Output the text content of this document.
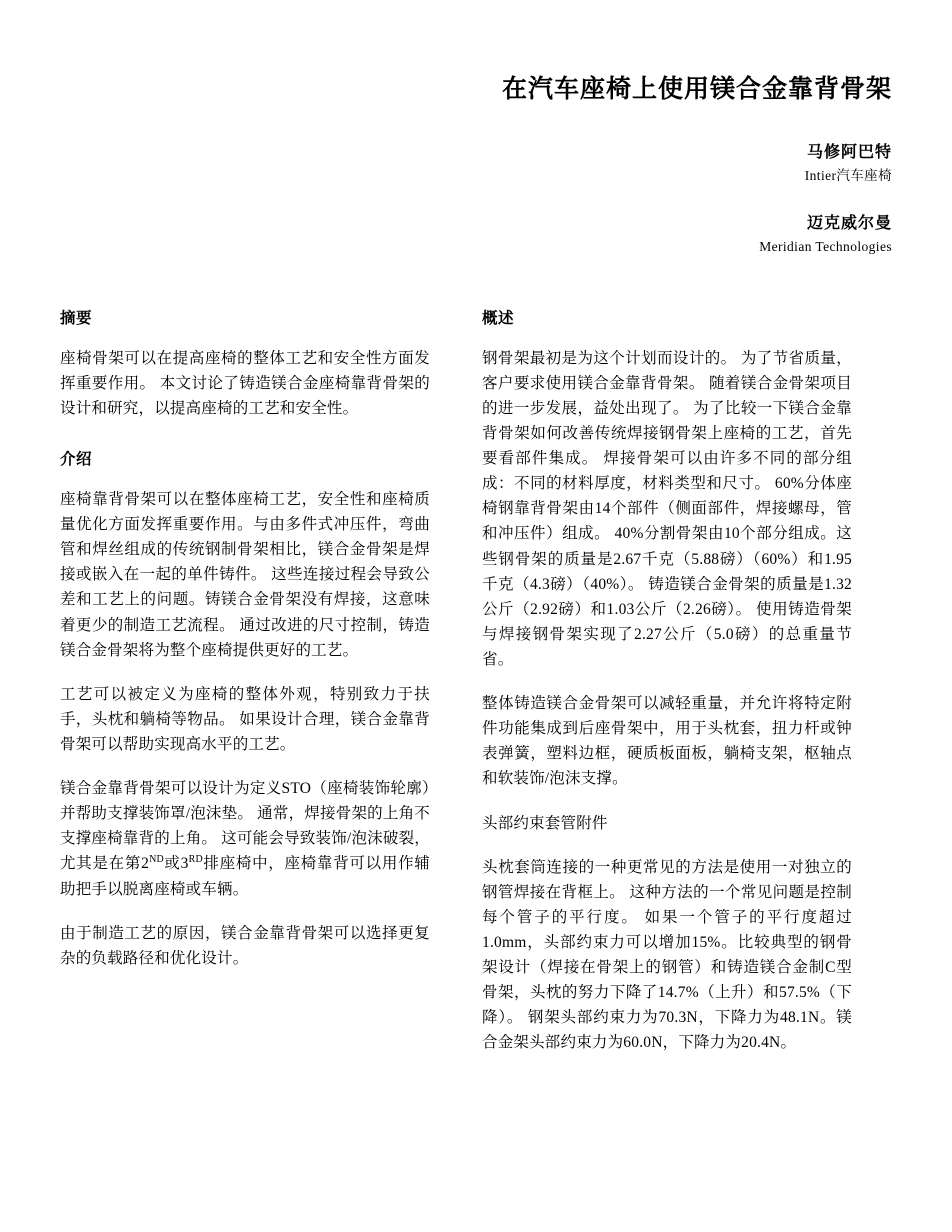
在汽车座椅上使用镁合金靠背骨架
马修阿巴特
Intier汽车座椅
迈克威尔曼
Meridian Technologies
摘要

座椅骨架可以在提高座椅的整体工艺和安全性方面发挥重要作用。 本文讨论了铸造镁合金座椅靠背骨架的设计和研究，以提高座椅的工艺和安全性。

介绍

座椅靠背骨架可以在整体座椅工艺，安全性和座椅质量优化方面发挥重要作用。与由多件式冲压件，弯曲管和焊丝组成的传统钢制骨架相比，镁合金骨架是焊接或嵌入在一起的单件铸件。 这些连接过程会导致公差和工艺上的问题。铸镁合金骨架没有焊接，这意味着更少的制造工艺流程。 通过改进的尺寸控制，铸造镁合金骨架将为整个座椅提供更好的工艺。

工艺可以被定义为座椅的整体外观，特别致力于扶手，头枕和躺椅等物品。 如果设计合理，镁合金靠背骨架可以帮助实现高水平的工艺。

镁合金靠背骨架可以设计为定义STO（座椅装饰轮廓）并帮助支撑装饰罩/泡沫垫。 通常，焊接骨架的上角不支撑座椅靠背的上角。 这可能会导致装饰/泡沫破裂，尤其是在第2ND或3RD排座椅中，座椅靠背可以用作辅助把手以脱离座椅或车辆。

由于制造工艺的原因，镁合金靠背骨架可以选择更复杂的负载路径和优化设计。

概述

钢骨架最初是为这个计划而设计的。 为了节省质量，客户要求使用镁合金靠背骨架。 随着镁合金骨架项目的进一步发展，益处出现了。 为了比较一下镁合金靠背骨架如何改善传统焊接钢骨架上座椅的工艺，首先要看部件集成。 焊接骨架可以由许多不同的部分组成：不同的材料厚度，材料类型和尺寸。 60%分体座椅钢靠背骨架由14个部件（侧面部件，焊接螺母，管和冲压件）组成。 40%分割骨架由10个部分组成。这些钢骨架的质量是2.67千克（5.88磅）（60%）和1.95千克（4.3磅）（40%）。 铸造镁合金骨架的质量是1.32公斤（2.92磅）和1.03公斤（2.26磅）。 使用铸造骨架与焊接钢骨架实现了2.27公斤（5.0磅）的总重量节省。

整体铸造镁合金骨架可以减轻重量，并允许将特定附件功能集成到后座骨架中，用于头枕套，扭力杆或钟表弹簧，塑料边框，硬质板面板，躺椅支架，枢轴点和软装饰/泡沫支撑。

头部约束套管附件

头枕套筒连接的一种更常见的方法是使用一对独立的钢管焊接在背框上。 这种方法的一个常见问题是控制每个管子的平行度。 如果一个管子的平行度超过1.0mm，头部约束力可以增加15%。比较典型的钢骨架设计（焊接在骨架上的钢管）和铸造镁合金制C型骨架，头枕的努力下降了14.7%（上升）和57.5%（下降）。 钢架头部约束力为70.3N，下降力为48.1N。镁合金架头部约束力为60.0N，下降力为20.4N。
